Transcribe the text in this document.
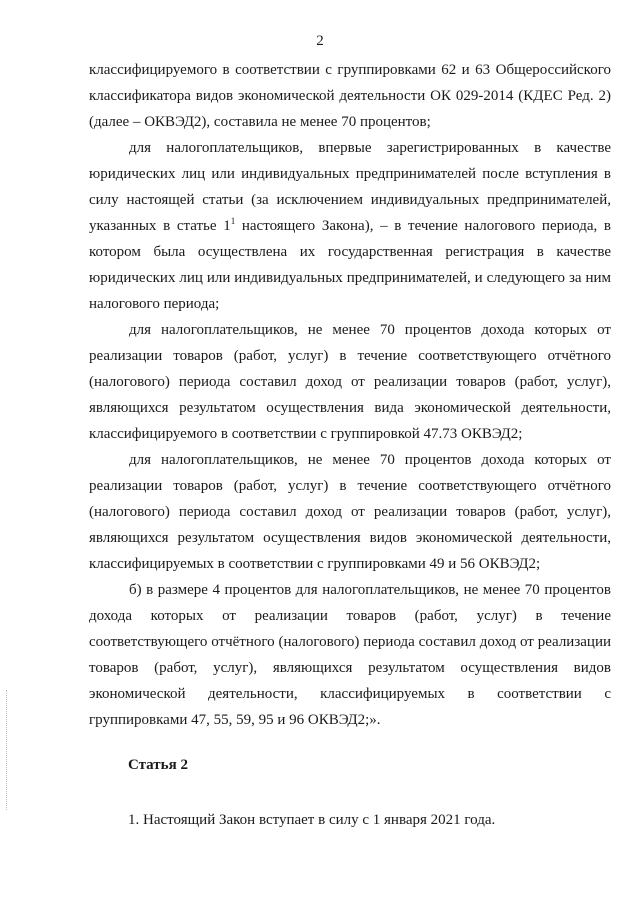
2

классифицируемого в соответствии с группировками 62 и 63 Общероссийского классификатора видов экономической деятельности ОК 029-2014 (КДЕС Ред. 2) (далее – ОКВЭД2), составила не менее 70 процентов;

для налогоплательщиков, впервые зарегистрированных в качестве юридических лиц или индивидуальных предпринимателей после вступления в силу настоящей статьи (за исключением индивидуальных предпринимателей, указанных в статье $1^1$ настоящего Закона), – в течение налогового периода, в котором была осуществлена их государственная регистрация в качестве юридических лиц или индивидуальных предпринимателей, и следующего за ним налогового периода;

для налогоплательщиков, не менее 70 процентов дохода которых от реализации товаров (работ, услуг) в течение соответствующего отчётного (налогового) периода составил доход от реализации товаров (работ, услуг), являющихся результатом осуществления вида экономической деятельности, классифицируемого в соответствии с группировкой 47.73 ОКВЭД2;

для налогоплательщиков, не менее 70 процентов дохода которых от реализации товаров (работ, услуг) в течение соответствующего отчётного (налогового) периода составил доход от реализации товаров (работ, услуг), являющихся результатом осуществления видов экономической деятельности, классифицируемых в соответствии с группировками 49 и 56 ОКВЭД2;

б) в размере 4 процентов для налогоплательщиков, не менее 70 процентов дохода которых от реализации товаров (работ, услуг) в течение соответствующего отчётного (налогового) периода составил доход от реализации товаров (работ, услуг), являющихся результатом осуществления видов экономической деятельности, классифицируемых в соответствии с группировками 47, 55, 59, 95 и 96 ОКВЭД2;».

Статья 2
1. Настоящий Закон вступает в силу с 1 января 2021 года.
